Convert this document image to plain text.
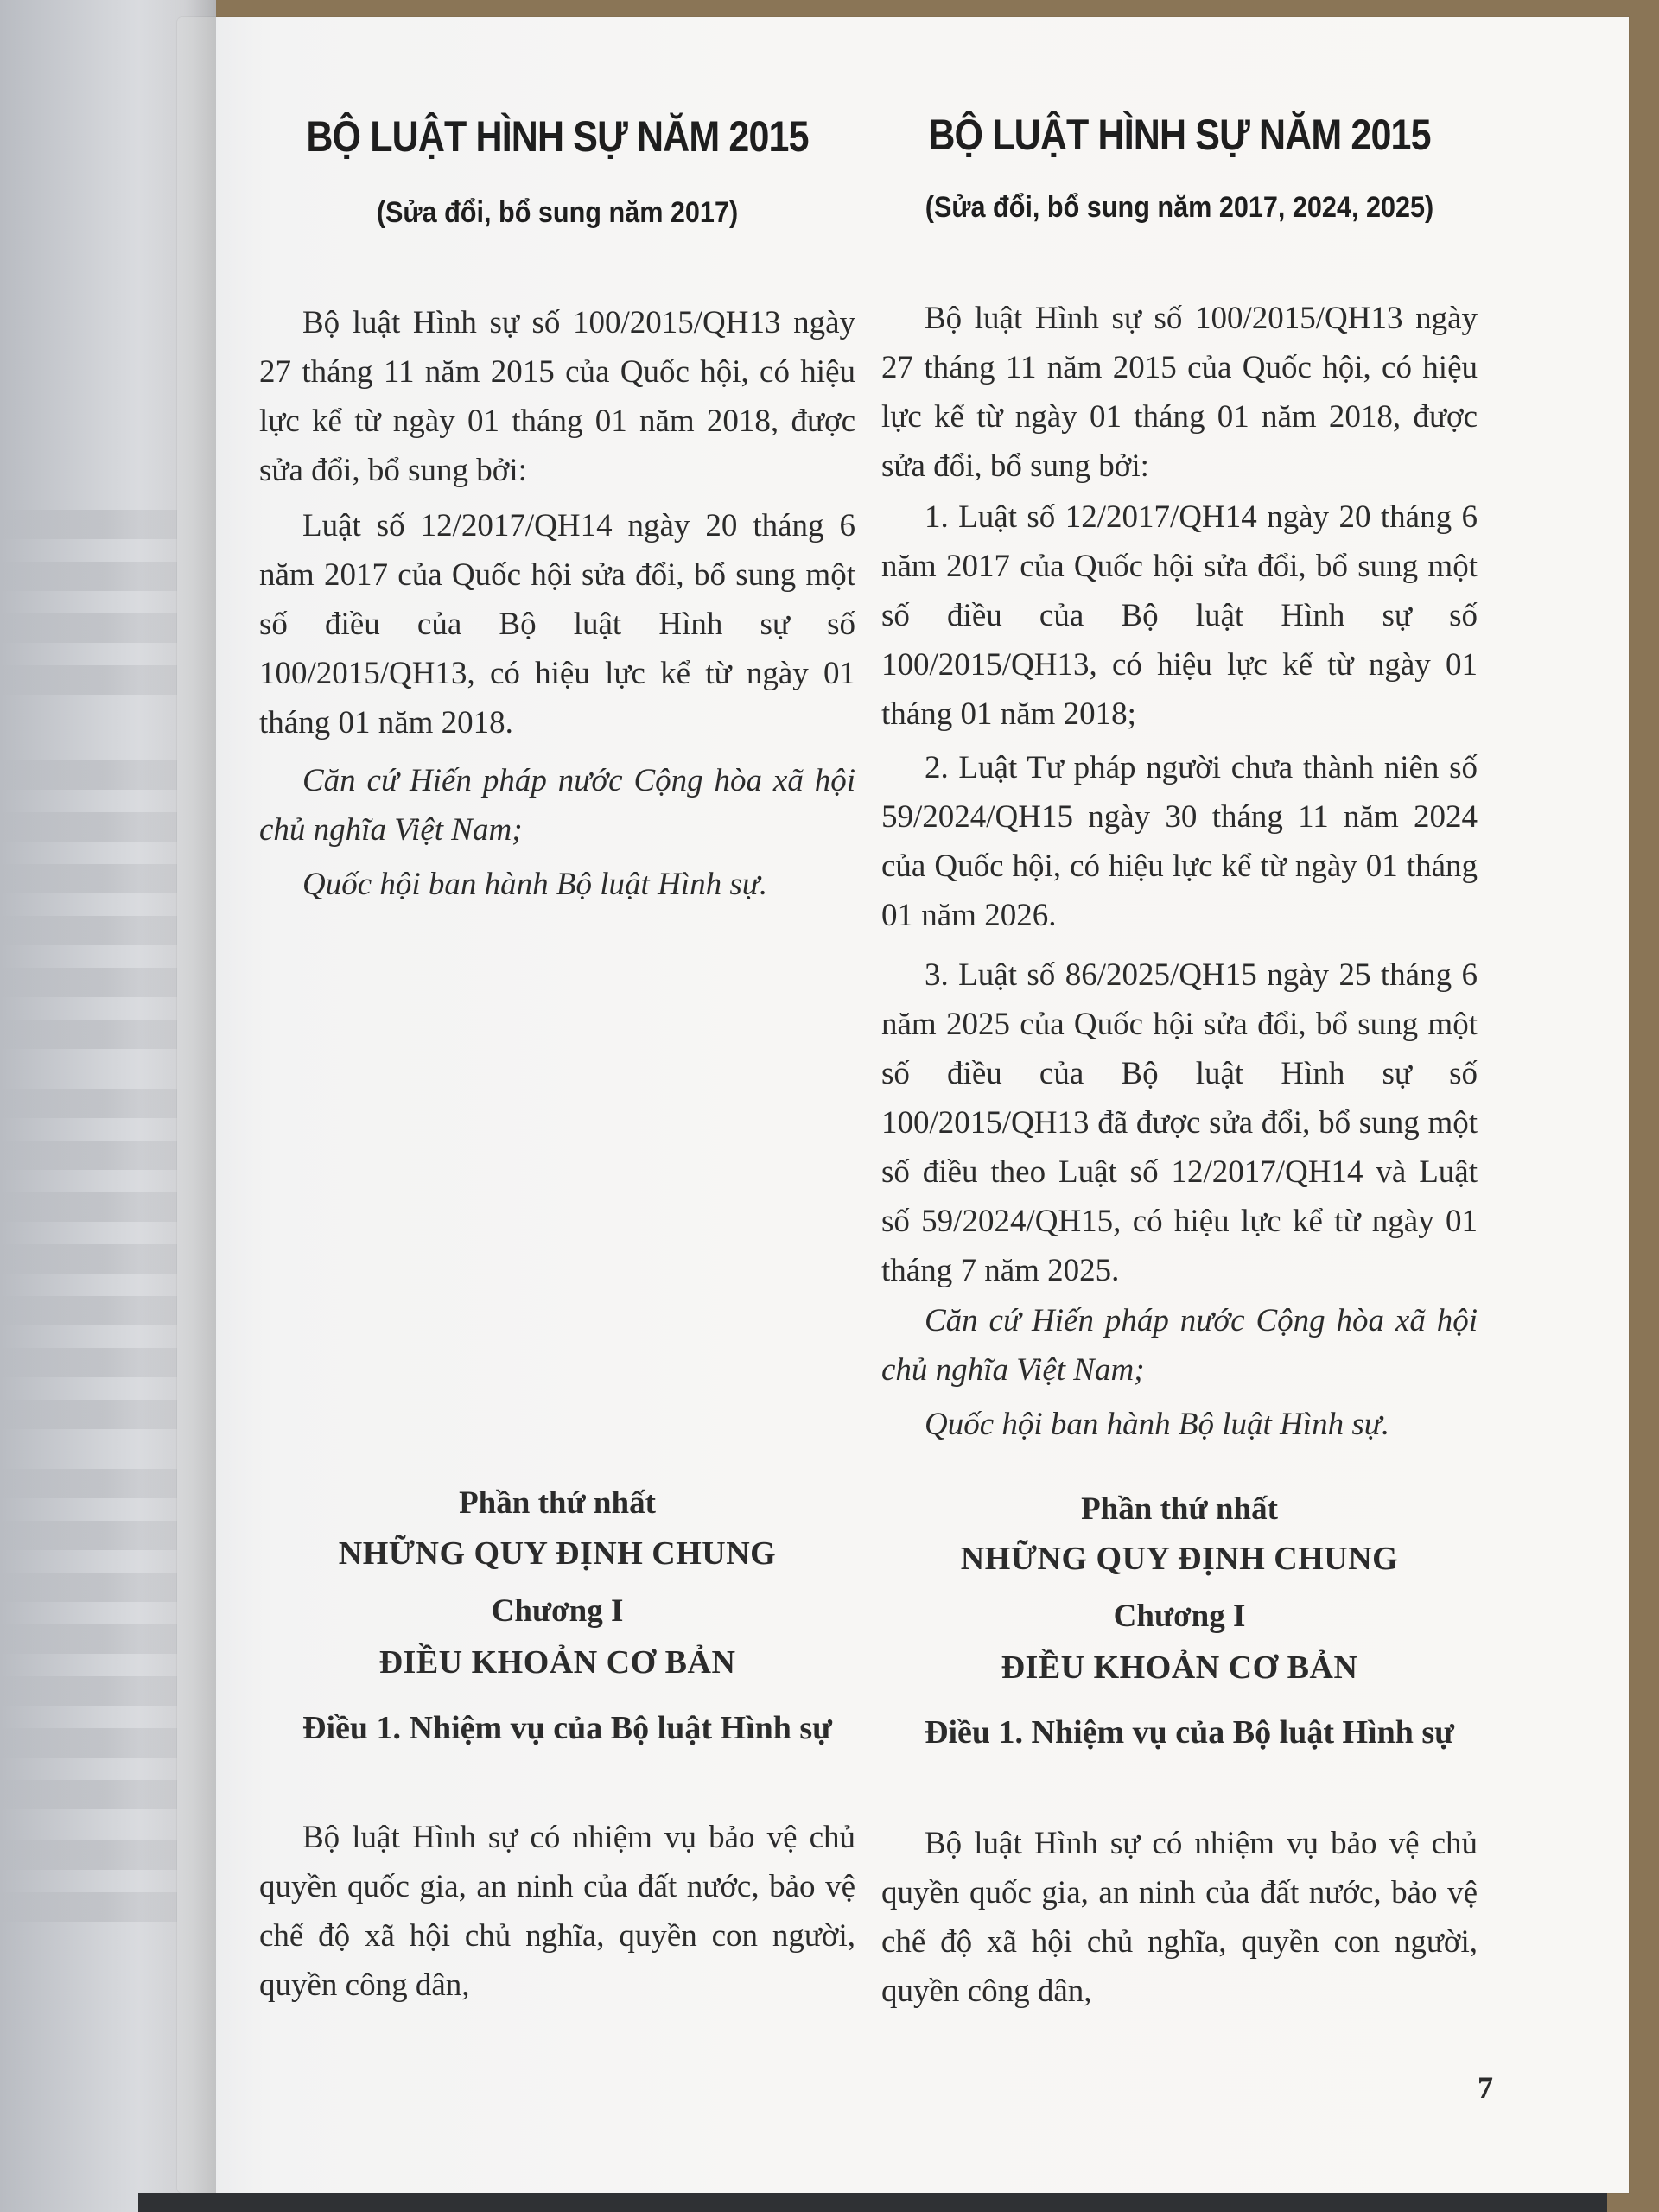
BỘ LUẬT HÌNH SỰ NĂM 2015
(Sửa đổi, bổ sung năm 2017)

Bộ luật Hình sự số 100/2015/QH13 ngày 27 tháng 11 năm 2015 của Quốc hội, có hiệu lực kể từ ngày 01 tháng 01 năm 2018, được sửa đổi, bổ sung bởi:

Luật số 12/2017/QH14 ngày 20 tháng 6 năm 2017 của Quốc hội sửa đổi, bổ sung một số điều của Bộ luật Hình sự số 100/2015/QH13, có hiệu lực kể từ ngày 01 tháng 01 năm 2018.

Căn cứ Hiến pháp nước Cộng hòa xã hội chủ nghĩa Việt Nam;

Quốc hội ban hành Bộ luật Hình sự.

Phần thứ nhất
NHỮNG QUY ĐỊNH CHUNG
Chương I
ĐIỀU KHOẢN CƠ BẢN

Điều 1. Nhiệm vụ của Bộ luật Hình sự

Bộ luật Hình sự có nhiệm vụ bảo vệ chủ quyền quốc gia, an ninh của đất nước, bảo vệ chế độ xã hội chủ nghĩa, quyền con người, quyền công dân,

BỘ LUẬT HÌNH SỰ NĂM 2015
(Sửa đổi, bổ sung năm 2017, 2024, 2025)

Bộ luật Hình sự số 100/2015/QH13 ngày 27 tháng 11 năm 2015 của Quốc hội, có hiệu lực kể từ ngày 01 tháng 01 năm 2018, được sửa đổi, bổ sung bởi:

1. Luật số 12/2017/QH14 ngày 20 tháng 6 năm 2017 của Quốc hội sửa đổi, bổ sung một số điều của Bộ luật Hình sự số 100/2015/QH13, có hiệu lực kể từ ngày 01 tháng 01 năm 2018;

2. Luật Tư pháp người chưa thành niên số 59/2024/QH15 ngày 30 tháng 11 năm 2024 của Quốc hội, có hiệu lực kể từ ngày 01 tháng 01 năm 2026.

3. Luật số 86/2025/QH15 ngày 25 tháng 6 năm 2025 của Quốc hội sửa đổi, bổ sung một số điều của Bộ luật Hình sự số 100/2015/QH13 đã được sửa đổi, bổ sung một số điều theo Luật số 12/2017/QH14 và Luật số 59/2024/QH15, có hiệu lực kể từ ngày 01 tháng 7 năm 2025.

Căn cứ Hiến pháp nước Cộng hòa xã hội chủ nghĩa Việt Nam;

Quốc hội ban hành Bộ luật Hình sự.

Phần thứ nhất
NHỮNG QUY ĐỊNH CHUNG
Chương I
ĐIỀU KHOẢN CƠ BẢN

Điều 1. Nhiệm vụ của Bộ luật Hình sự

Bộ luật Hình sự có nhiệm vụ bảo vệ chủ quyền quốc gia, an ninh của đất nước, bảo vệ chế độ xã hội chủ nghĩa, quyền con người, quyền công dân,

7
